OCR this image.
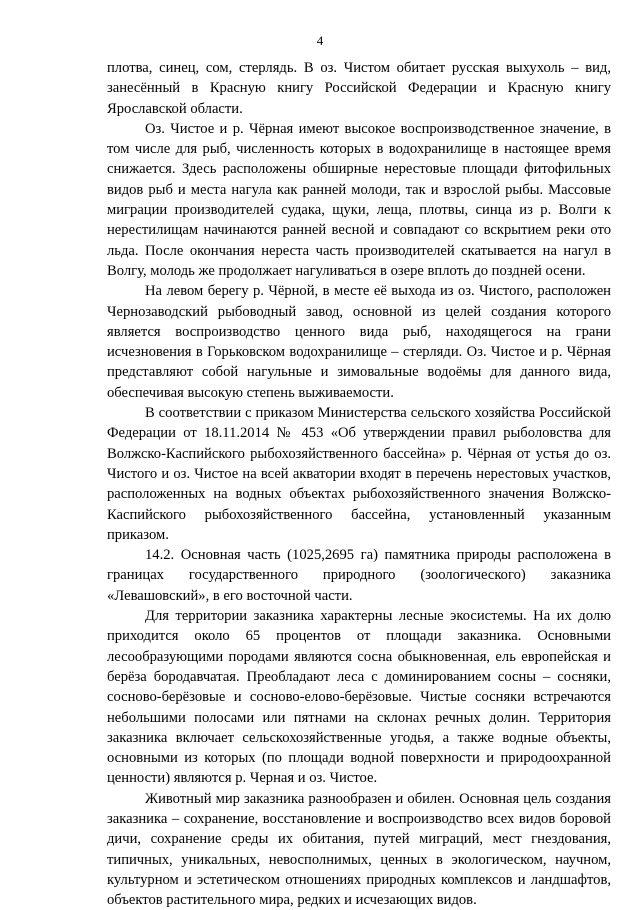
4

плотва, синец, сом, стерлядь. В оз. Чистом обитает русская выхухоль – вид, занесённый в Красную книгу Российской Федерации и Красную книгу Ярославской области.

Оз. Чистое и р. Чёрная имеют высокое воспроизводственное значение, в том числе для рыб, численность которых в водохранилище в настоящее время снижается. Здесь расположены обширные нерестовые площади фитофильных видов рыб и места нагула как ранней молоди, так и взрослой рыбы. Массовые миграции производителей судака, щуки, леща, плотвы, синца из р. Волги к нерестилищам начинаются ранней весной и совпадают со вскрытием реки ото льда. После окончания нереста часть производителей скатывается на нагул в Волгу, молодь же продолжает нагуливаться в озере вплоть до поздней осени.

На левом берегу р. Чёрной, в месте её выхода из оз. Чистого, расположен Чернозаводский рыбоводный завод, основной из целей создания которого является воспроизводство ценного вида рыб, находящегося на грани исчезновения в Горьковском водохранилище – стерляди. Оз. Чистое и р. Чёрная представляют собой нагульные и зимовальные водоёмы для данного вида, обеспечивая высокую степень выживаемости.

В соответствии с приказом Министерства сельского хозяйства Российской Федерации от 18.11.2014 № 453 «Об утверждении правил рыболовства для Волжско-Каспийского рыбохозяйственного бассейна» р. Чёрная от устья до оз. Чистого и оз. Чистое на всей акватории входят в перечень нерестовых участков, расположенных на водных объектах рыбохозяйственного значения Волжско-Каспийского рыбохозяйственного бассейна, установленный указанным приказом.

14.2. Основная часть (1025,2695 га) памятника природы расположена в границах государственного природного (зоологического) заказника «Левашовский», в его восточной части.

Для территории заказника характерны лесные экосистемы. На их долю приходится около 65 процентов от площади заказника. Основными лесообразующими породами являются сосна обыкновенная, ель европейская и берёза бородавчатая. Преобладают леса с доминированием сосны – сосняки, сосново-берёзовые и сосново-елово-берёзовые. Чистые сосняки встречаются небольшими полосами или пятнами на склонах речных долин. Территория заказника включает сельскохозяйственные угодья, а также водные объекты, основными из которых (по площади водной поверхности и природоохранной ценности) являются р. Черная и оз. Чистое.

Животный мир заказника разнообразен и обилен. Основная цель создания заказника – сохранение, восстановление и воспроизводство всех видов боровой дичи, сохранение среды их обитания, путей миграций, мест гнездования, типичных, уникальных, невосполнимых, ценных в экологическом, научном, культурном и эстетическом отношениях природных комплексов и ландшафтов, объектов растительного мира, редких и исчезающих видов.
